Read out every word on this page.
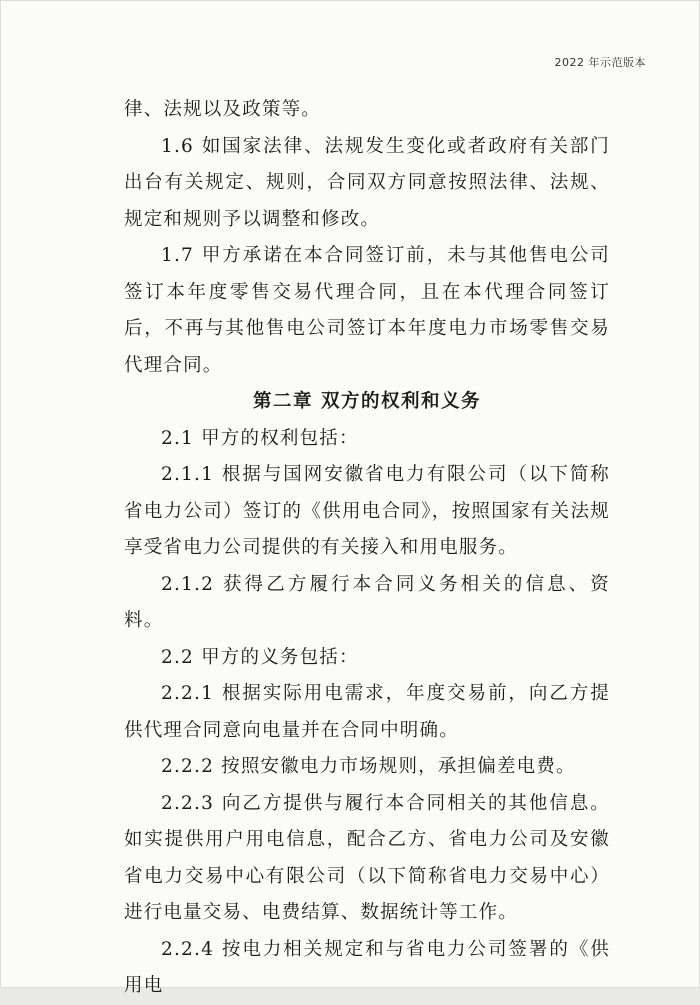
2022 年示范版本

律、法规以及政策等。

1.6 如国家法律、法规发生变化或者政府有关部门出台有关规定、规则，合同双方同意按照法律、法规、规定和规则予以调整和修改。

1.7 甲方承诺在本合同签订前，未与其他售电公司签订本年度零售交易代理合同，且在本代理合同签订后，不再与其他售电公司签订本年度电力市场零售交易代理合同。

第二章 双方的权利和义务

2.1 甲方的权利包括：

2.1.1 根据与国网安徽省电力有限公司（以下简称省电力公司）签订的《供用电合同》，按照国家有关法规享受省电力公司提供的有关接入和用电服务。

2.1.2 获得乙方履行本合同义务相关的信息、资料。

2.2 甲方的义务包括：

2.2.1 根据实际用电需求，年度交易前，向乙方提供代理合同意向电量并在合同中明确。

2.2.2 按照安徽电力市场规则，承担偏差电费。

2.2.3 向乙方提供与履行本合同相关的其他信息。如实提供用户用电信息，配合乙方、省电力公司及安徽省电力交易中心有限公司（以下简称省电力交易中心）进行电量交易、电费结算、数据统计等工作。

2.2.4 按电力相关规定和与省电力公司签署的《供用电
